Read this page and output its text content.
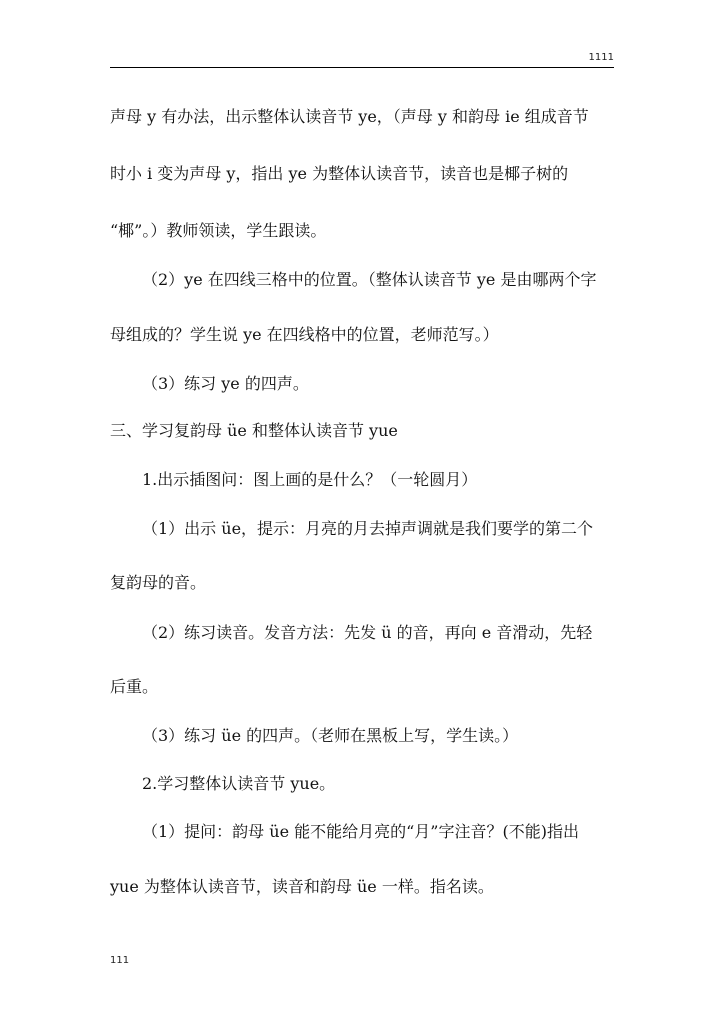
1111
声母 y 有办法，出示整体认读音节 ye，（声母 y 和韵母 ie 组成音节
时小 i 变为声母 y，指出 ye 为整体认读音节，读音也是椰子树的
“椰”。）教师领读，学生跟读。
（2）ye 在四线三格中的位置。（整体认读音节 ye 是由哪两个字
母组成的？学生说 ye 在四线格中的位置，老师范写。）
（3）练习 ye 的四声。
三、学习复韵母 üe 和整体认读音节 yue
1.出示插图问：图上画的是什么？（一轮圆月）
（1）出示 üe，提示：月亮的月去掉声调就是我们要学的第二个
复韵母的音。
（2）练习读音。发音方法：先发 ü 的音，再向 e 音滑动，先轻
后重。
（3）练习 üe 的四声。（老师在黑板上写，学生读。）
2.学习整体认读音节 yue。
（1）提问：韵母 üe 能不能给月亮的“月”字注音？(不能)指出
yue 为整体认读音节，读音和韵母 üe 一样。指名读。
111
